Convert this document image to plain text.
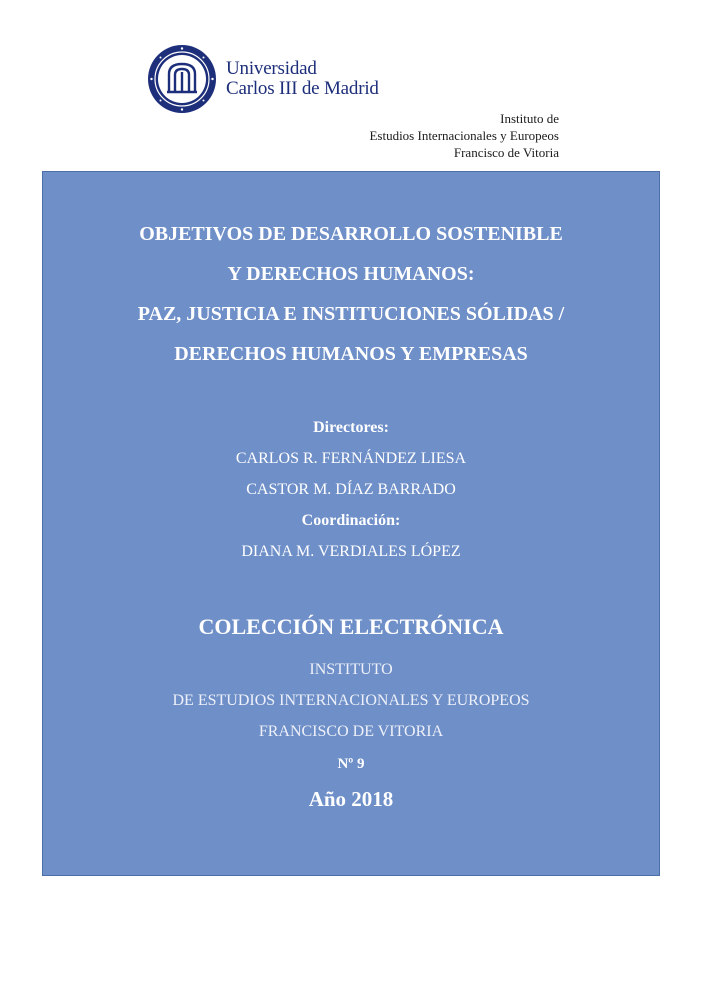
Universidad
Carlos III de Madrid
Instituto de
Estudios Internacionales y Europeos
Francisco de Vitoria
OBJETIVOS DE DESARROLLO SOSTENIBLE
Y DERECHOS HUMANOS:
PAZ, JUSTICIA E INSTITUCIONES SÓLIDAS /
DERECHOS HUMANOS Y EMPRESAS
Directores:
CARLOS R. FERNÁNDEZ LIESA
CASTOR M. DÍAZ BARRADO
Coordinación:
DIANA M. VERDIALES LÓPEZ
COLECCIÓN ELECTRÓNICA
INSTITUTO
DE ESTUDIOS INTERNACIONALES Y EUROPEOS
FRANCISCO DE VITORIA
Nº 9
Año 2018
